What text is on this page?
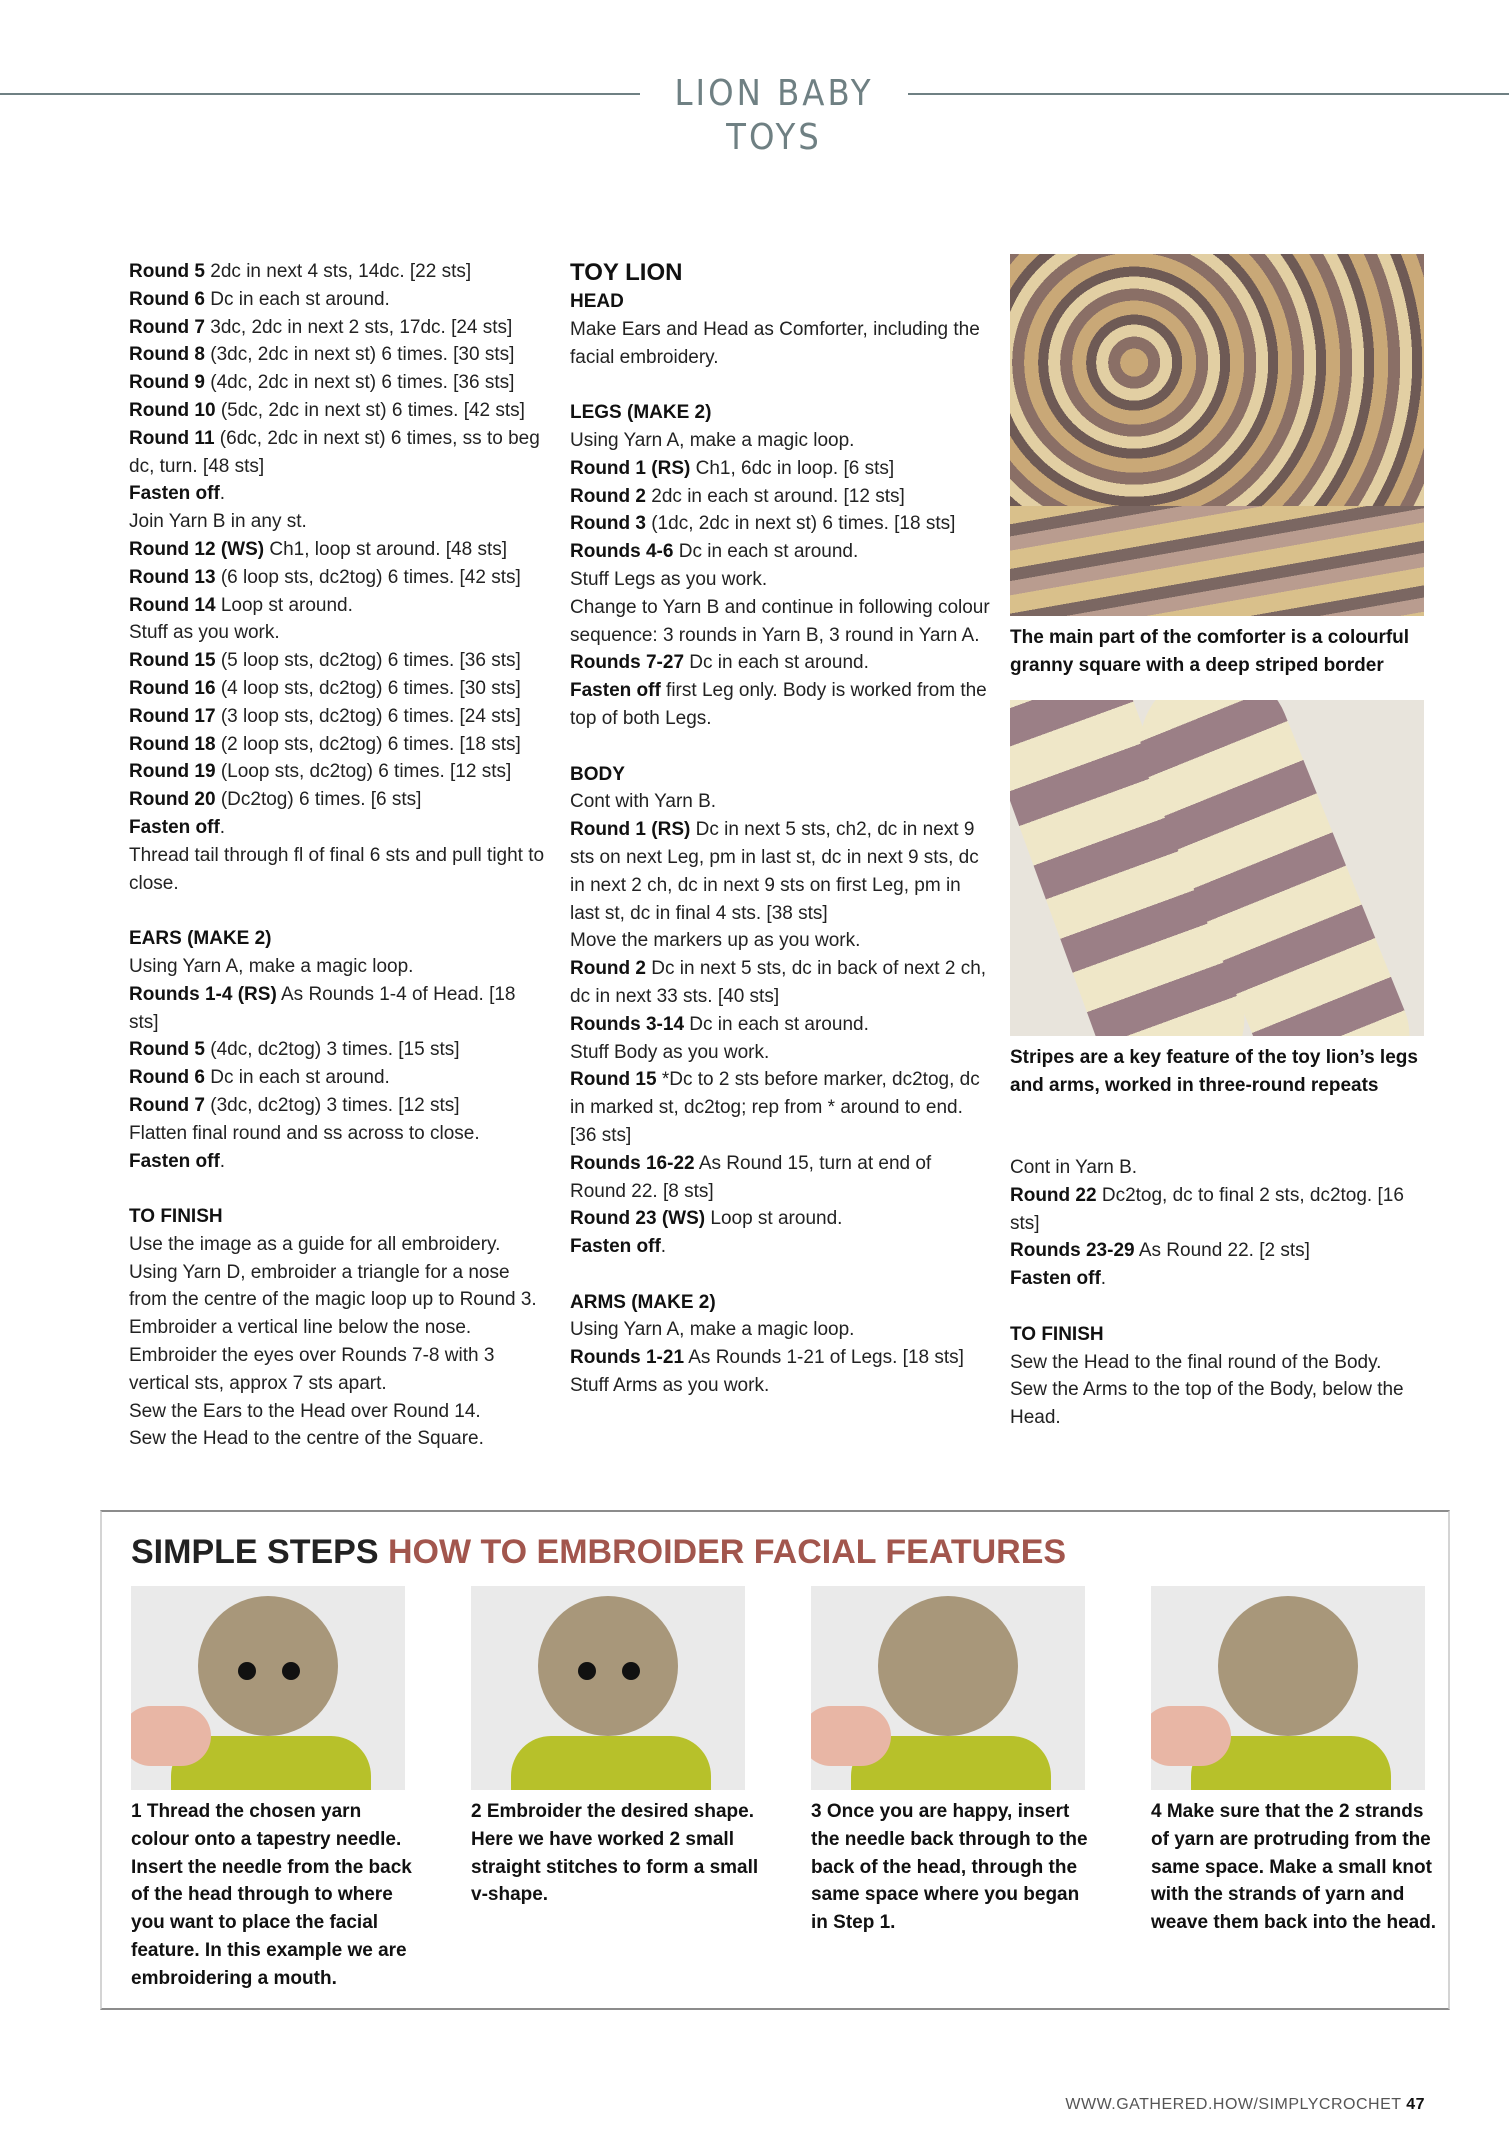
LION BABY TOYS

Round 5 2dc in next 4 sts, 14dc. [22 sts]

Round 6 Dc in each st around.

Round 7 3dc, 2dc in next 2 sts, 17dc. [24 sts]

Round 8 (3dc, 2dc in next st) 6 times. [30 sts]

Round 9 (4dc, 2dc in next st) 6 times. [36 sts]

Round 10 (5dc, 2dc in next st) 6 times. [42 sts]

Round 11 (6dc, 2dc in next st) 6 times, ss to beg dc, turn. [48 sts]

Fasten off.

Join Yarn B in any st.

Round 12 (WS) Ch1, loop st around. [48 sts]

Round 13 (6 loop sts, dc2tog) 6 times. [42 sts]

Round 14 Loop st around.

Stuff as you work.

Round 15 (5 loop sts, dc2tog) 6 times. [36 sts]

Round 16 (4 loop sts, dc2tog) 6 times. [30 sts]

Round 17 (3 loop sts, dc2tog) 6 times. [24 sts]

Round 18 (2 loop sts, dc2tog) 6 times. [18 sts]

Round 19 (Loop sts, dc2tog) 6 times. [12 sts]

Round 20 (Dc2tog) 6 times. [6 sts]

Fasten off.

Thread tail through fl of final 6 sts and pull tight to close.

EARS (MAKE 2)

Using Yarn A, make a magic loop.

Rounds 1-4 (RS) As Rounds 1-4 of Head. [18 sts]

Round 5 (4dc, dc2tog) 3 times. [15 sts]

Round 6 Dc in each st around.

Round 7 (3dc, dc2tog) 3 times. [12 sts]

Flatten final round and ss across to close.

Fasten off.

TO FINISH

Use the image as a guide for all embroidery.

Using Yarn D, embroider a triangle for a nose from the centre of the magic loop up to Round 3. Embroider a vertical line below the nose.

Embroider the eyes over Rounds 7-8 with 3 vertical sts, approx 7 sts apart.

Sew the Ears to the Head over Round 14.

Sew the Head to the centre of the Square.

TOY LION

HEAD

Make Ears and Head as Comforter, including the facial embroidery.

LEGS (MAKE 2)

Using Yarn A, make a magic loop.

Round 1 (RS) Ch1, 6dc in loop. [6 sts]

Round 2 2dc in each st around. [12 sts]

Round 3 (1dc, 2dc in next st) 6 times. [18 sts]

Rounds 4-6 Dc in each st around.

Stuff Legs as you work.

Change to Yarn B and continue in following colour sequence: 3 rounds in Yarn B, 3 round in Yarn A.

Rounds 7-27 Dc in each st around.

Fasten off first Leg only. Body is worked from the top of both Legs.

BODY

Cont with Yarn B.

Round 1 (RS) Dc in next 5 sts, ch2, dc in next 9 sts on next Leg, pm in last st, dc in next 9 sts, dc in next 2 ch, dc in next 9 sts on first Leg, pm in last st, dc in final 4 sts. [38 sts]

Move the markers up as you work.

Round 2 Dc in next 5 sts, dc in back of next 2 ch, dc in next 33 sts. [40 sts]

Rounds 3-14 Dc in each st around.

Stuff Body as you work.

Round 15 *Dc to 2 sts before marker, dc2tog, dc in marked st, dc2tog; rep from * around to end. [36 sts]

Rounds 16-22 As Round 15, turn at end of Round 22. [8 sts]

Round 23 (WS) Loop st around.

Fasten off.

ARMS (MAKE 2)

Using Yarn A, make a magic loop.

Rounds 1-21 As Rounds 1-21 of Legs. [18 sts]

Stuff Arms as you work.

The main part of the comforter is a colourful granny square with a deep striped border

Stripes are a key feature of the toy lion’s legs and arms, worked in three-round repeats

Cont in Yarn B.

Round 22 Dc2tog, dc to final 2 sts, dc2tog. [16 sts]

Rounds 23-29 As Round 22. [2 sts]

Fasten off.

TO FINISH

Sew the Head to the final round of the Body.

Sew the Arms to the top of the Body, below the Head.

SIMPLE STEPS HOW TO EMBROIDER FACIAL FEATURES

1 Thread the chosen yarn colour onto a tapestry needle. Insert the needle from the back of the head through to where you want to place the facial feature. In this example we are embroidering a mouth.

2 Embroider the desired shape. Here we have worked 2 small straight stitches to form a small v-shape.

3 Once you are happy, insert the needle back through to the back of the head, through the same space where you began in Step 1.

4 Make sure that the 2 strands of yarn are protruding from the same space. Make a small knot with the strands of yarn and weave them back into the head.

WWW.GATHERED.HOW/SIMPLYCROCHET 47
